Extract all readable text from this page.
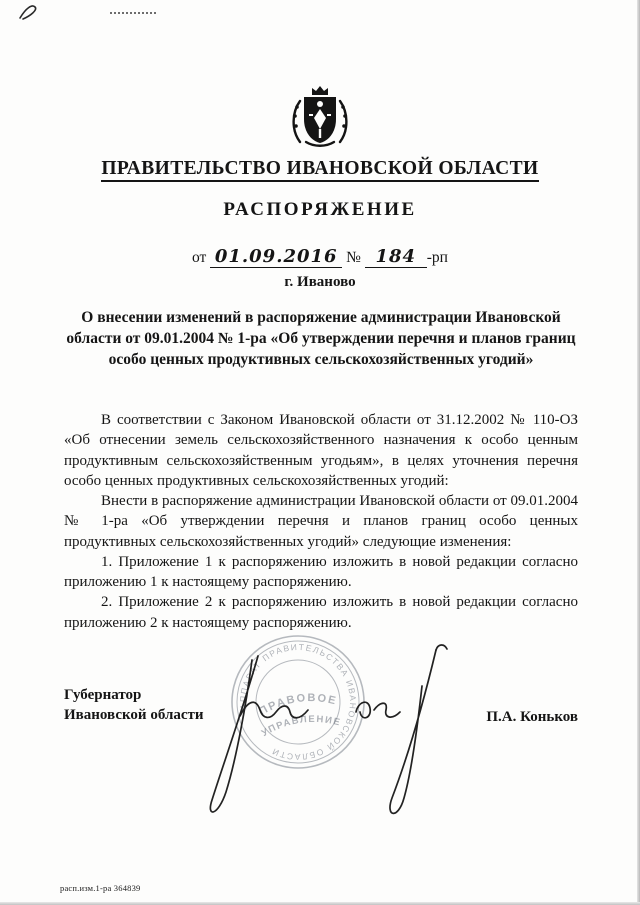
ПРАВИТЕЛЬСТВО ИВАНОВСКОЙ ОБЛАСТИ
РАСПОРЯЖЕНИЕ
от 01.09.2016 № 184 -рп
г. Иваново
О внесении изменений в распоряжение администрации Ивановской области от 09.01.2004 № 1-ра «Об утверждении перечня и планов границ особо ценных продуктивных сельскохозяйственных угодий»

В соответствии с Законом Ивановской области от 31.12.2002 № 110-ОЗ «Об отнесении земель сельскохозяйственного назначения к особо ценным продуктивным сельскохозяйственным угодьям», в целях уточнения перечня особо ценных продуктивных сельскохозяйственных угодий:

Внести в распоряжение администрации Ивановской области от 09.01.2004 № 1-ра «Об утверждении перечня и планов границ особо ценных продуктивных сельскохозяйственных угодий» следующие изменения:

1. Приложение 1 к распоряжению изложить в новой редакции согласно приложению 1 к настоящему распоряжению.

2. Приложение 2 к распоряжению изложить в новой редакции согласно приложению 2 к настоящему распоряжению.

Губернатор
Ивановской области	П.А. Коньков
АППАРАТ ПРАВИТЕЛЬСТВА ИВАНОВСКОЙ ОБЛАСТИ
ПРАВОВОЕ
УПРАВЛЕНИЕ
расп.изм.1-ра 364839
